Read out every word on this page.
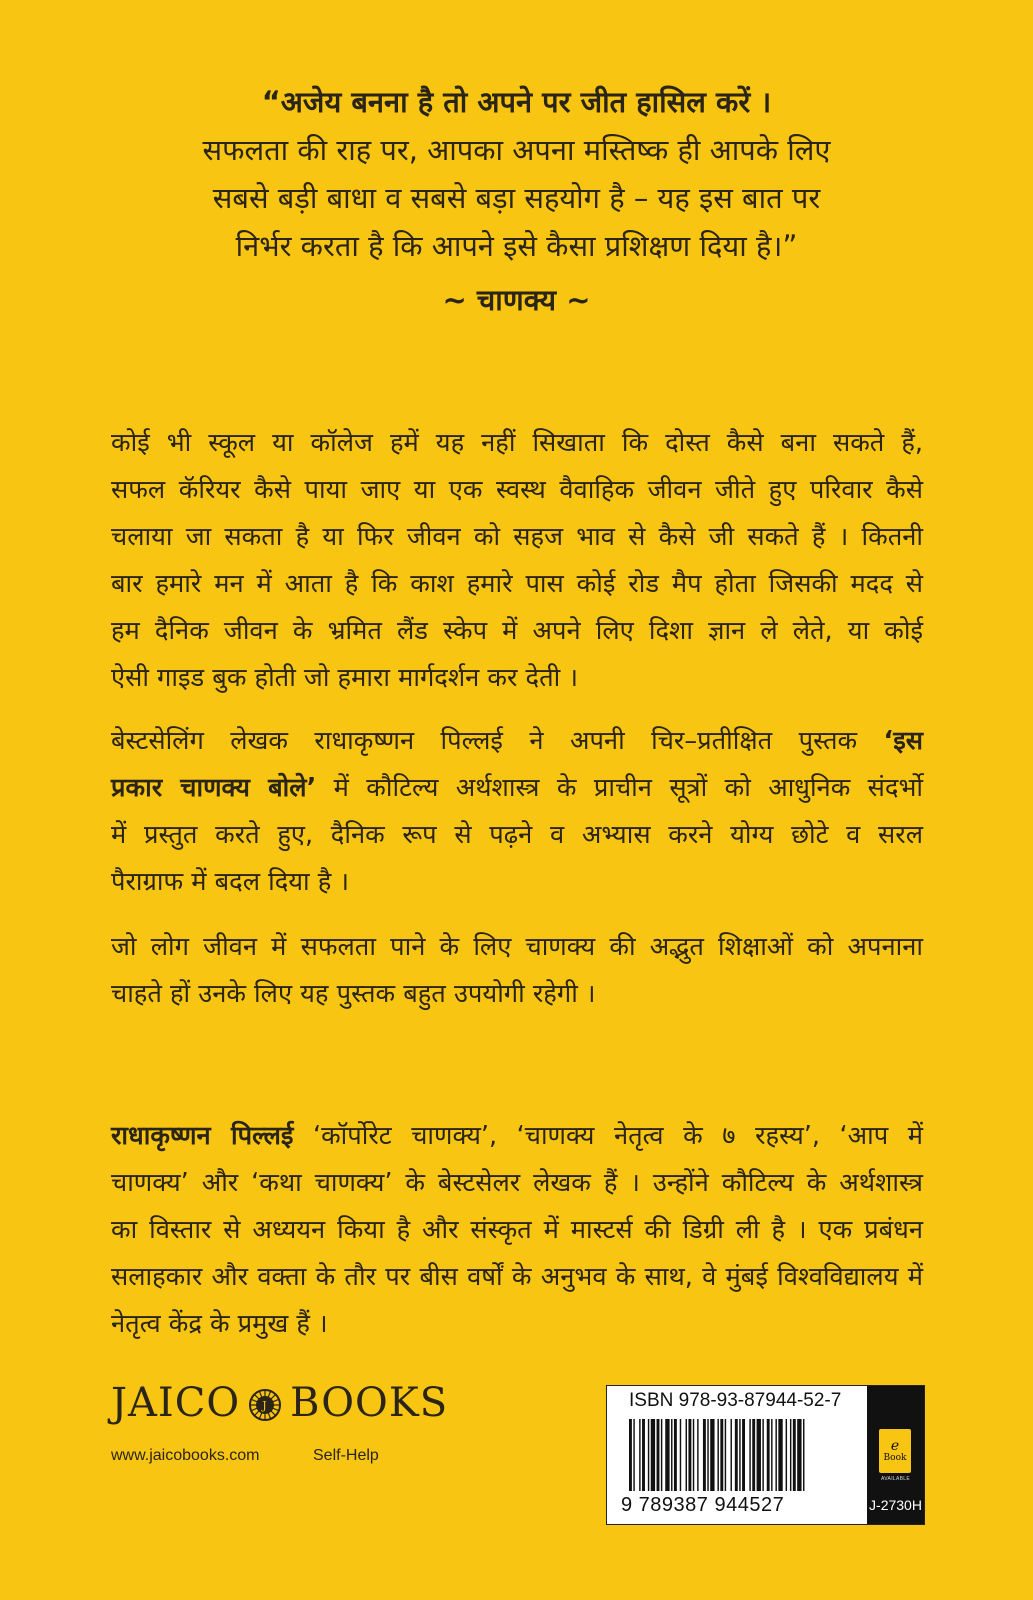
“अजेय बनना है तो अपने पर जीत हासिल करें ।
सफलता की राह पर, आपका अपना मस्तिष्क ही आपके लिए
सबसे बड़ी बाधा व सबसे बड़ा सहयोग है – यह इस बात पर
निर्भर करता है कि आपने इसे कैसा प्रशिक्षण दिया है।”
~ चाणक्य ~
कोई भी स्कूल या कॉलेज हमें यह नहीं सिखाता कि दोस्त कैसे बना सकते हैं,
सफल कॅरियर कैसे पाया जाए या एक स्वस्थ वैवाहिक जीवन जीते हुए परिवार कैसे
चलाया जा सकता है या फिर जीवन को सहज भाव से कैसे जी सकते हैं । कितनी
बार हमारे मन में आता है कि काश हमारे पास कोई रोड मैप होता जिसकी मदद से
हम दैनिक जीवन के भ्रमित लैंड स्केप में अपने लिए दिशा ज्ञान ले लेते, या कोई
ऐसी गाइड बुक होती जो हमारा मार्गदर्शन कर देती ।
बेस्टसेलिंग लेखक राधाकृष्णन पिल्लई ने अपनी चिर–प्रतीक्षित पुस्तक ‘इस
प्रकार चाणक्य बोले’ में कौटिल्य अर्थशास्त्र के प्राचीन सूत्रों को आधुनिक संदर्भो
में प्रस्तुत करते हुए, दैनिक रूप से पढ़ने व अभ्यास करने योग्य छोटे व सरल
पैराग्राफ में बदल दिया है ।
जो लोग जीवन में सफलता पाने के लिए चाणक्य की अद्भुत शिक्षाओं को अपनाना
चाहते हों उनके लिए यह पुस्तक बहुत उपयोगी रहेगी ।
राधाकृष्णन पिल्लई ‘कॉर्पोरेट चाणक्य’, ‘चाणक्य नेतृत्व के ७ रहस्य’, ‘आप में
चाणक्य’ और ‘कथा चाणक्य’ के बेस्टसेलर लेखक हैं । उन्होंने कौटिल्य के अर्थशास्त्र
का विस्तार से अध्ययन किया है और संस्कृत में मास्टर्स की डिग्री ली है । एक प्रबंधन
सलाहकार और वक्ता के तौर पर बीस वर्षों के अनुभव के साथ, वे मुंबई विश्वविद्यालय में
नेतृत्व केंद्र के प्रमुख हैं ।
JAICO J BOOKS
www.jaicobooks.com	Self-Help
ISBN 978-93-87944-52-7
9 789387 944527
e
Book
AVAILABLE
J-2730H
